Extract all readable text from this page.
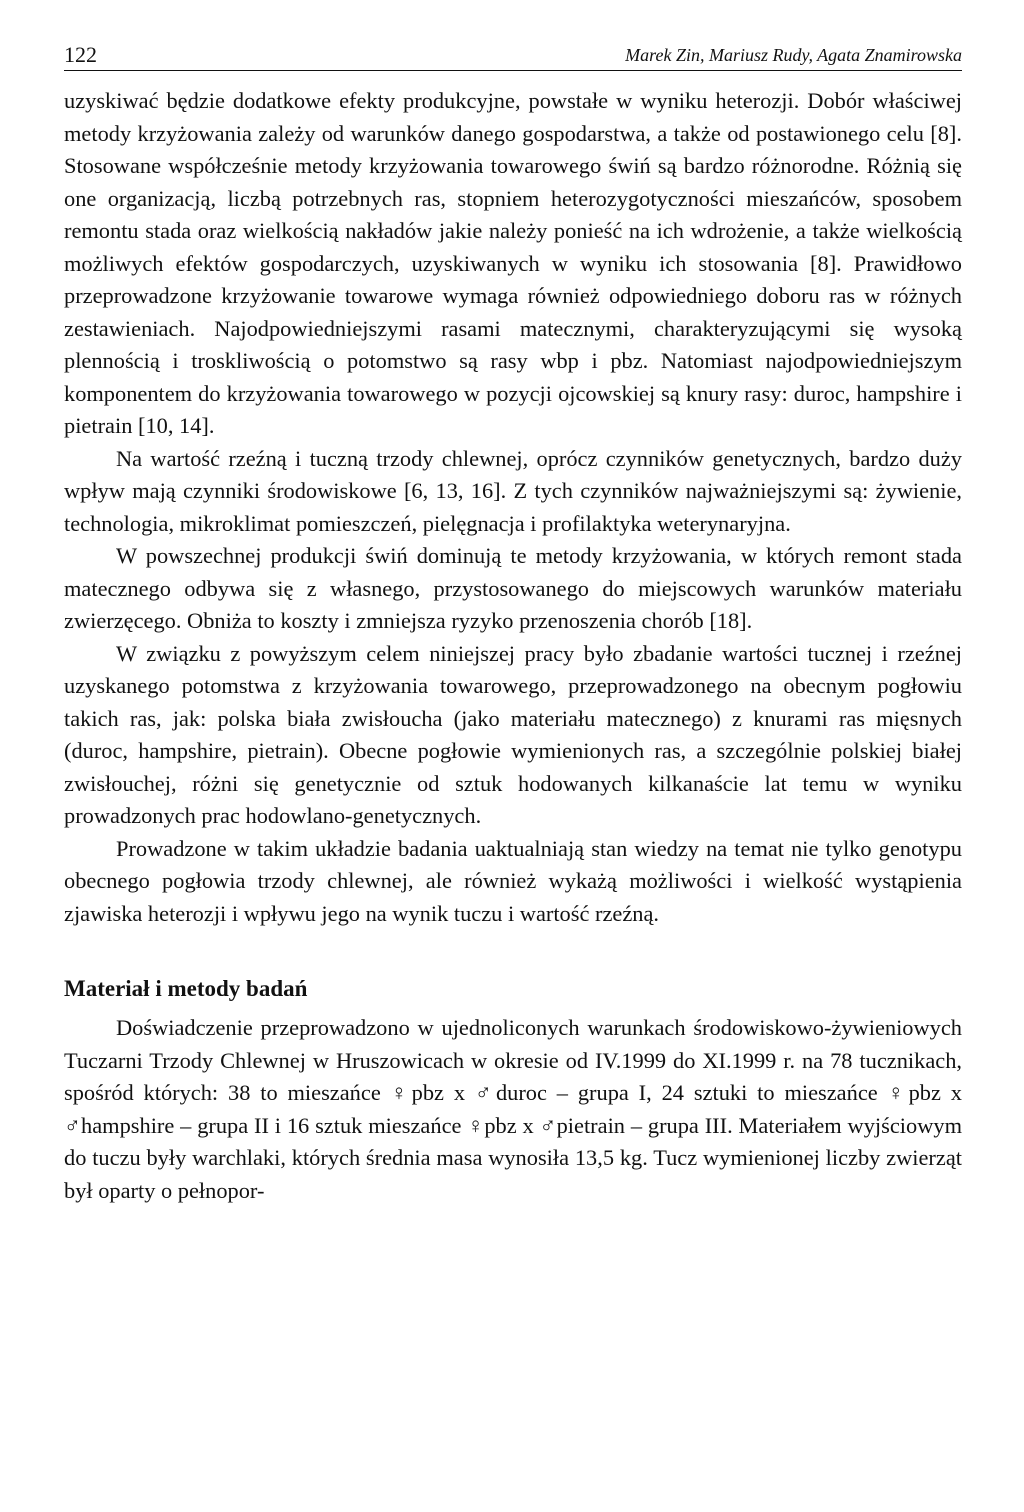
122	Marek Zin, Mariusz Rudy, Agata Znamirowska

uzyskiwać będzie dodatkowe efekty produkcyjne, powstałe w wyniku heterozji. Dobór właściwej metody krzyżowania zależy od warunków danego gospodarstwa, a także od postawionego celu [8]. Stosowane współcześnie metody krzyżowania towarowego świń są bardzo różnorodne. Różnią się one organizacją, liczbą potrzebnych ras, stopniem heterozygotyczności mieszańców, sposobem remontu stada oraz wielkością nakładów jakie należy ponieść na ich wdrożenie, a także wielkością możliwych efektów gospodarczych, uzyskiwanych w wyniku ich stosowania [8]. Prawidłowo przeprowadzone krzyżowanie towarowe wymaga również odpowiedniego doboru ras w różnych zestawieniach. Najodpowiedniejszymi rasami matecznymi, charakteryzującymi się wysoką plennością i troskliwością o potomstwo są rasy wbp i pbz. Natomiast najodpowiedniejszym komponentem do krzyżowania towarowego w pozycji ojcowskiej są knury rasy: duroc, hampshire i pietrain [10, 14].

Na wartość rzeźną i tuczną trzody chlewnej, oprócz czynników genetycznych, bardzo duży wpływ mają czynniki środowiskowe [6, 13, 16]. Z tych czynników najważniejszymi są: żywienie, technologia, mikroklimat pomieszczeń, pielęgnacja i profilaktyka weterynaryjna.

W powszechnej produkcji świń dominują te metody krzyżowania, w których remont stada matecznego odbywa się z własnego, przystosowanego do miejscowych warunków materiału zwierzęcego. Obniża to koszty i zmniejsza ryzyko przenoszenia chorób [18].

W związku z powyższym celem niniejszej pracy było zbadanie wartości tucznej i rzeźnej uzyskanego potomstwa z krzyżowania towarowego, przeprowadzonego na obecnym pogłowiu takich ras, jak: polska biała zwisłoucha (jako materiału matecznego) z knurami ras mięsnych (duroc, hampshire, pietrain). Obecne pogłowie wymienionych ras, a szczególnie polskiej białej zwisłouchej, różni się genetycznie od sztuk hodowanych kilkanaście lat temu w wyniku prowadzonych prac hodowlano-genetycznych.

Prowadzone w takim układzie badania uaktualniają stan wiedzy na temat nie tylko genotypu obecnego pogłowia trzody chlewnej, ale również wykażą możliwości i wielkość wystąpienia zjawiska heterozji i wpływu jego na wynik tuczu i wartość rzeźną.

Materiał i metody badań

Doświadczenie przeprowadzono w ujednoliconych warunkach środowiskowo-żywieniowych Tuczarni Trzody Chlewnej w Hruszowicach w okresie od IV.1999 do XI.1999 r. na 78 tucznikach, spośród których: 38 to mieszańce ♀pbz x ♂duroc – grupa I, 24 sztuki to mieszańce ♀pbz x ♂hampshire – grupa II i 16 sztuk mieszańce ♀pbz x ♂pietrain – grupa III. Materiałem wyjściowym do tuczu były warchlaki, których średnia masa wynosiła 13,5 kg. Tucz wymienionej liczby zwierząt był oparty o pełnopor-
